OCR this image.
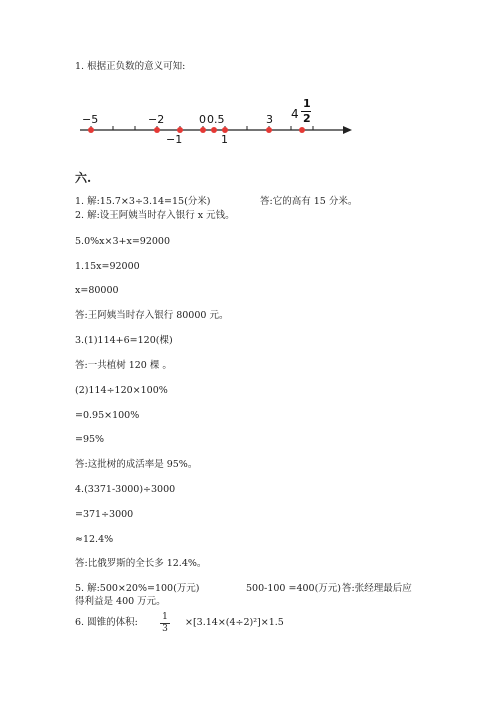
1. 根据正负数的意义可知:
−5	−2	0 0.5	3
−1	1
4
1
2
六.
1. 解:15.7×3÷3.14=15(分米)	答:它的高有 15 分米。
2. 解:设王阿姨当时存入银行 x 元钱。
5.0%x×3+x=92000
1.15x=92000
x=80000
答:王阿姨当时存入银行 80000 元。
3.(1)114+6=120(棵)
答:一共植树 120 棵 。
(2)114÷120×100%
=0.95×100%
=95%
答:这批树的成活率是 95%。
4.(3371-3000)÷3000
=371÷3000
≈12.4%
答:比俄罗斯的全长多 12.4%。
5. 解:500×20%=100(万元)	500-100 =400(万元) 答:张经理最后应
得利益是 400 万元。
6. 圆锥的体积: $\frac{1}{3} \times[3.14\times(4\div 2)^2]\times 1.5$
